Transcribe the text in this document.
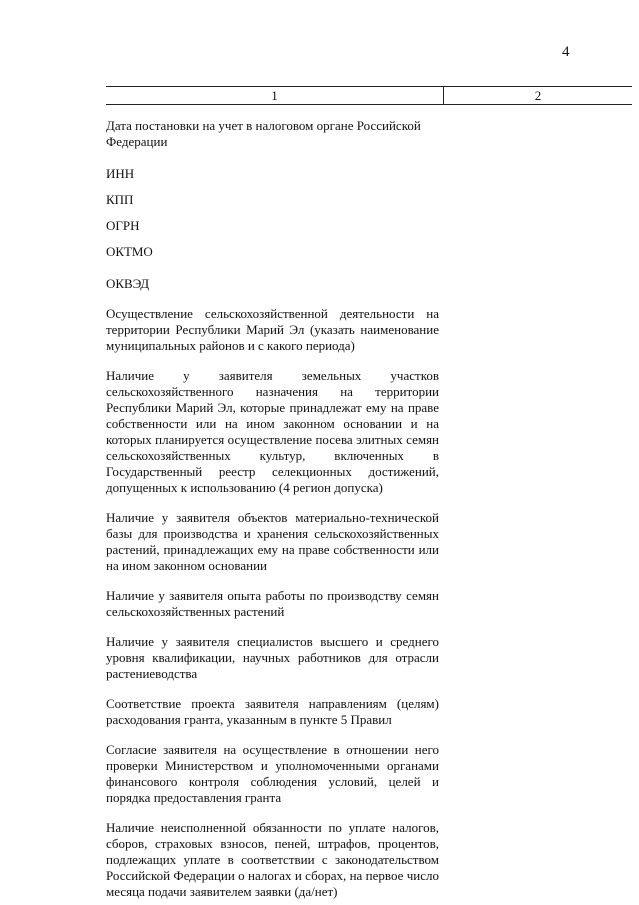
4
1	2

Дата постановки на учет в налоговом органе Российской Федерации

ИНН

КПП

ОГРН

ОКТМО

ОКВЭД

Осуществление сельскохозяйственной деятельности на территории Республики Марий Эл (указать наименование муниципальных районов и с какого периода)

Наличие у заявителя земельных участков сельскохозяйственного назначения на территории Республики Марий Эл, которые принадлежат ему на праве собственности или на ином законном основании и на которых планируется осуществление посева элитных семян сельскохозяйственных культур, включенных в Государственный реестр селекционных достижений, допущенных к использованию (4 регион допуска)

Наличие у заявителя объектов материально-технической базы для производства и хранения сельскохозяйственных растений, принадлежащих ему на праве собственности или на ином законном основании

Наличие у заявителя опыта работы по производству семян сельскохозяйственных растений

Наличие у заявителя специалистов высшего и среднего уровня квалификации, научных работников для отрасли растениеводства

Соответствие проекта заявителя направлениям (целям) расходования гранта, указанным в пункте 5 Правил

Согласие заявителя на осуществление в отношении него проверки Министерством и уполномоченными органами финансового контроля соблюдения условий, целей и порядка предоставления гранта

Наличие неисполненной обязанности по уплате налогов, сборов, страховых взносов, пеней, штрафов, процентов, подлежащих уплате в соответствии с законодательством Российской Федерации о налогах и сборах, на первое число месяца подачи заявителем заявки (да/нет)
